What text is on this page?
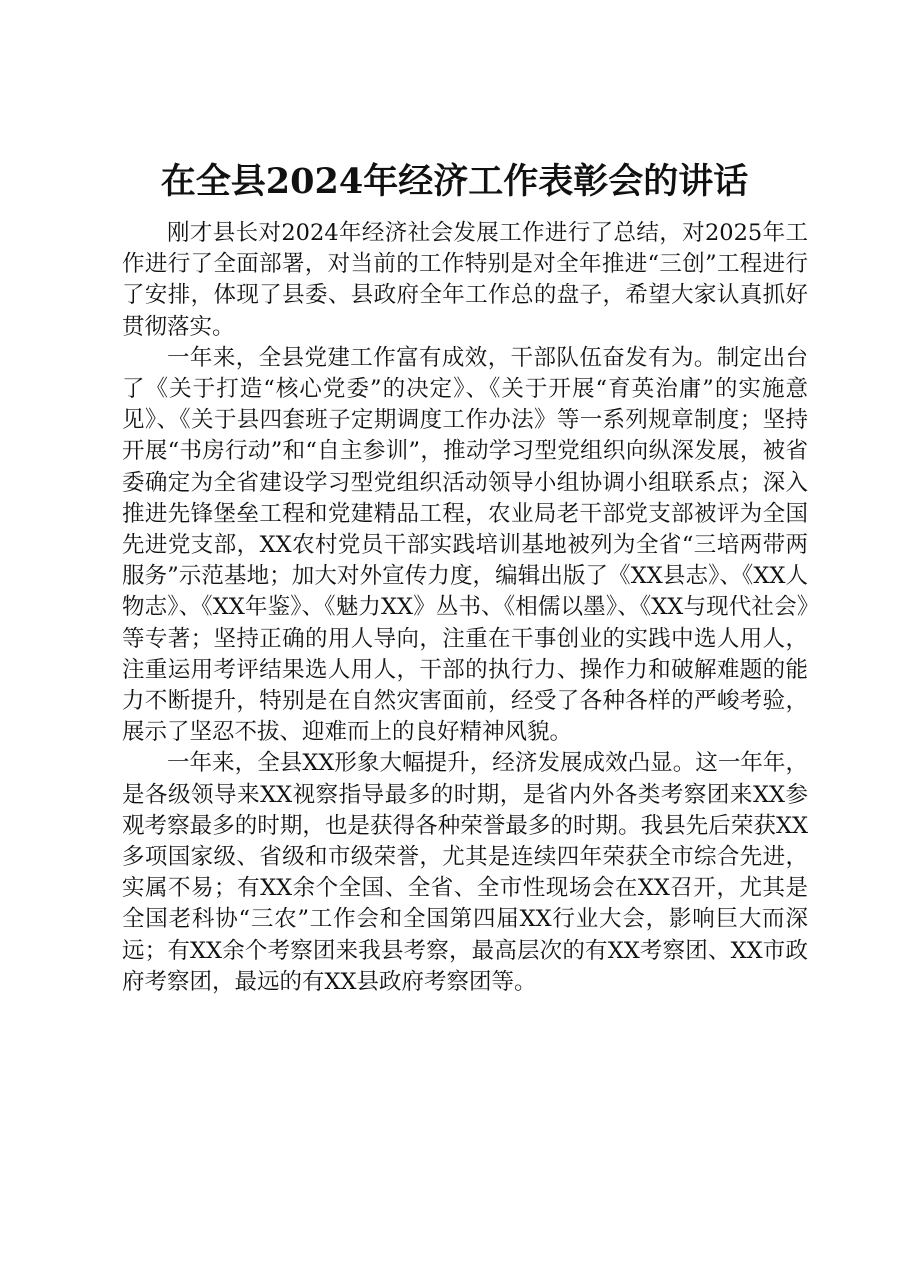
在全县2024年经济工作表彰会的讲话

刚才县长对2024年经济社会发展工作进行了总结，对2025年工作进行了全面部署，对当前的工作特别是对全年推进“三创”工程进行了安排，体现了县委、县政府全年工作总的盘子，希望大家认真抓好贯彻落实。

一年来，全县党建工作富有成效，干部队伍奋发有为。制定出台了《关于打造“核心党委”的决定》、《关于开展“育英治庸”的实施意见》、《关于县四套班子定期调度工作办法》等一系列规章制度；坚持开展“书房行动”和“自主参训”，推动学习型党组织向纵深发展，被省委确定为全省建设学习型党组织活动领导小组协调小组联系点；深入推进先锋堡垒工程和党建精品工程，农业局老干部党支部被评为全国先进党支部，XX农村党员干部实践培训基地被列为全省“三培两带两服务”示范基地；加大对外宣传力度，编辑出版了《XX县志》、《XX人物志》、《XX年鉴》、《魅力XX》丛书、《相儒以墨》、《XX与现代社会》等专著；坚持正确的用人导向，注重在干事创业的实践中选人用人，注重运用考评结果选人用人，干部的执行力、操作力和破解难题的能力不断提升，特别是在自然灾害面前，经受了各种各样的严峻考验，展示了坚忍不拔、迎难而上的良好精神风貌。

一年来，全县XX形象大幅提升，经济发展成效凸显。这一年年，是各级领导来XX视察指导最多的时期，是省内外各类考察团来XX参观考察最多的时期，也是获得各种荣誉最多的时期。我县先后荣获XX多项国家级、省级和市级荣誉，尤其是连续四年荣获全市综合先进，实属不易；有XX余个全国、全省、全市性现场会在XX召开，尤其是全国老科协“三农”工作会和全国第四届XX行业大会，影响巨大而深远；有XX余个考察团来我县考察，最高层次的有XX考察团、XX市政府考察团，最远的有XX县政府考察团等。
